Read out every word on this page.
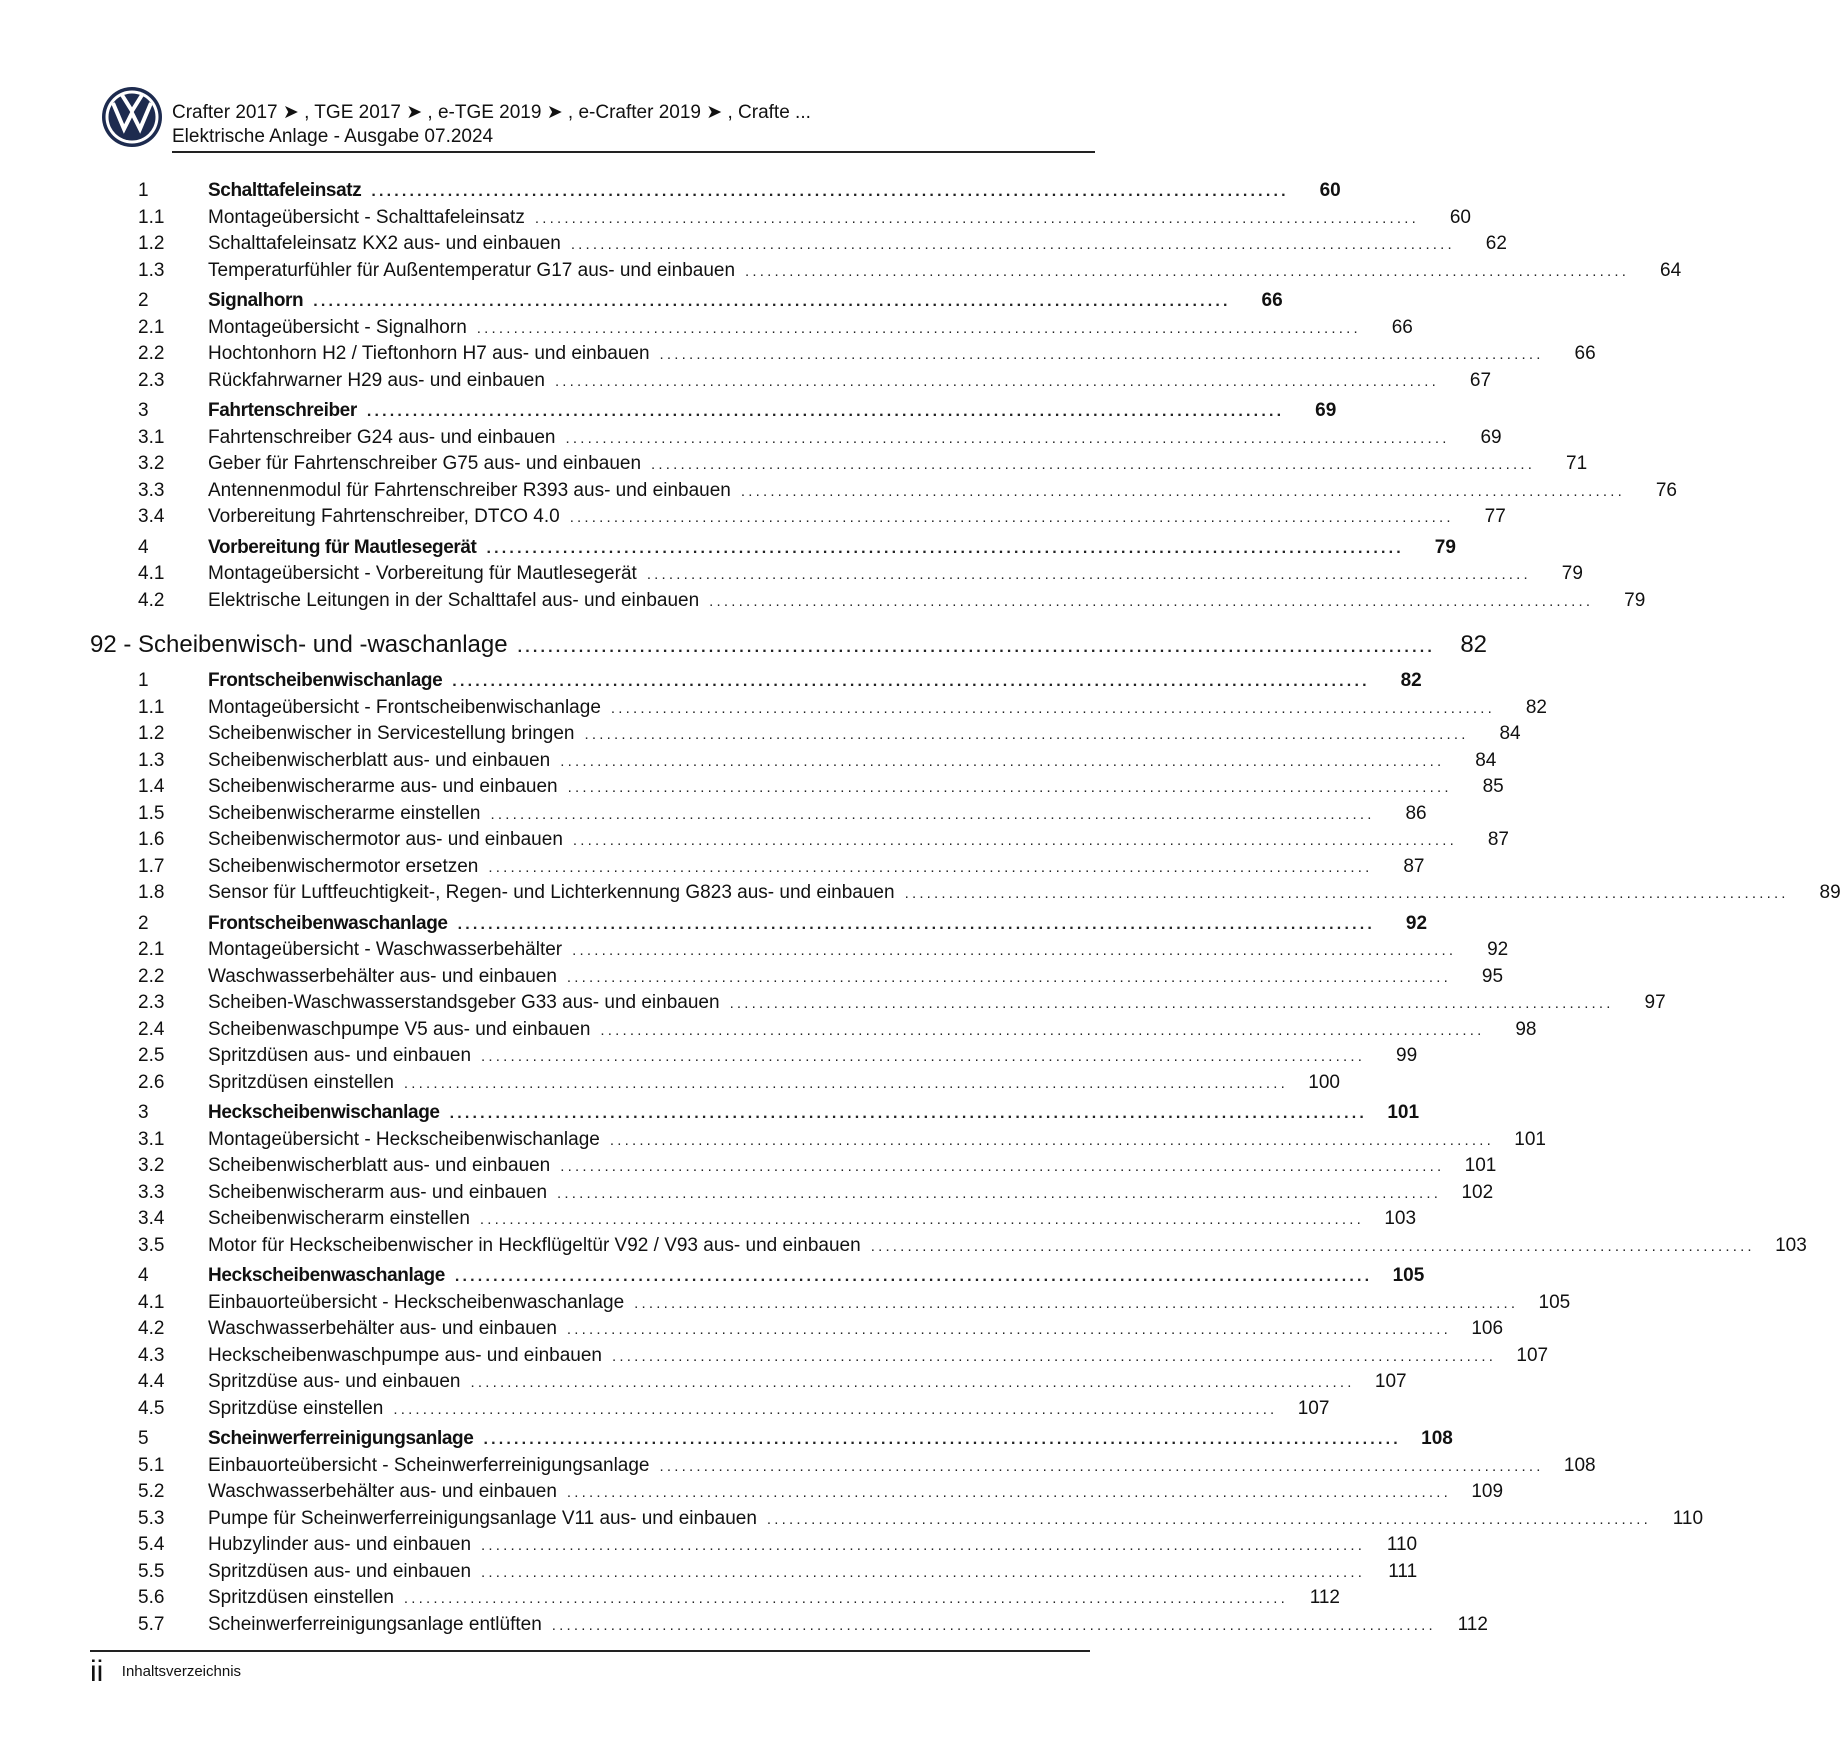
Crafter 2017 ➤ , TGE 2017 ➤ , e-TGE 2019 ➤ , e-Crafter 2019 ➤ , Crafte ...
Elektrische Anlage - Ausgabe 07.2024
1	Schalttafeleinsatz ........................................................................................................................	60
1.1	Montageübersicht - Schalttafeleinsatz ........................................................................................................................	60
1.2	Schalttafeleinsatz KX2 aus- und einbauen ........................................................................................................................	62
1.3	Temperaturfühler für Außentemperatur G17 aus- und einbauen ........................................................................................................................	64
2	Signalhorn ........................................................................................................................	66
2.1	Montageübersicht - Signalhorn ........................................................................................................................	66
2.2	Hochtonhorn H2 / Tieftonhorn H7 aus- und einbauen ........................................................................................................................	66
2.3	Rückfahrwarner H29 aus- und einbauen ........................................................................................................................	67
3	Fahrtenschreiber ........................................................................................................................	69
3.1	Fahrtenschreiber G24 aus- und einbauen ........................................................................................................................	69
3.2	Geber für Fahrtenschreiber G75 aus- und einbauen ........................................................................................................................	71
3.3	Antennenmodul für Fahrtenschreiber R393 aus- und einbauen ........................................................................................................................	76
3.4	Vorbereitung Fahrtenschreiber, DTCO 4.0 ........................................................................................................................	77
4	Vorbereitung für Mautlesegerät ........................................................................................................................	79
4.1	Montageübersicht - Vorbereitung für Mautlesegerät ........................................................................................................................	79
4.2	Elektrische Leitungen in der Schalttafel aus- und einbauen ........................................................................................................................	79
92 - Scheibenwisch- und -waschanlage ........................................................................................................................	82
1	Frontscheibenwischanlage ........................................................................................................................	82
1.1	Montageübersicht - Frontscheibenwischanlage ........................................................................................................................	82
1.2	Scheibenwischer in Servicestellung bringen ........................................................................................................................	84
1.3	Scheibenwischerblatt aus- und einbauen ........................................................................................................................	84
1.4	Scheibenwischerarme aus- und einbauen ........................................................................................................................	85
1.5	Scheibenwischerarme einstellen ........................................................................................................................	86
1.6	Scheibenwischermotor aus- und einbauen ........................................................................................................................	87
1.7	Scheibenwischermotor ersetzen ........................................................................................................................	87
1.8	Sensor für Luftfeuchtigkeit-, Regen- und Lichterkennung G823 aus- und einbauen ........................................................................................................................	89
2	Frontscheibenwaschanlage ........................................................................................................................	92
2.1	Montageübersicht - Waschwasserbehälter ........................................................................................................................	92
2.2	Waschwasserbehälter aus- und einbauen ........................................................................................................................	95
2.3	Scheiben-Waschwasserstandsgeber G33 aus- und einbauen ........................................................................................................................	97
2.4	Scheibenwaschpumpe V5 aus- und einbauen ........................................................................................................................	98
2.5	Spritzdüsen aus- und einbauen ........................................................................................................................	99
2.6	Spritzdüsen einstellen ........................................................................................................................	100
3	Heckscheibenwischanlage ........................................................................................................................	101
3.1	Montageübersicht - Heckscheibenwischanlage ........................................................................................................................	101
3.2	Scheibenwischerblatt aus- und einbauen ........................................................................................................................	101
3.3	Scheibenwischerarm aus- und einbauen ........................................................................................................................	102
3.4	Scheibenwischerarm einstellen ........................................................................................................................	103
3.5	Motor für Heckscheibenwischer in Heckflügeltür V92 / V93 aus- und einbauen ........................................................................................................................	103
4	Heckscheibenwaschanlage ........................................................................................................................	105
4.1	Einbauorteübersicht - Heckscheibenwaschanlage ........................................................................................................................	105
4.2	Waschwasserbehälter aus- und einbauen ........................................................................................................................	106
4.3	Heckscheibenwaschpumpe aus- und einbauen ........................................................................................................................	107
4.4	Spritzdüse aus- und einbauen ........................................................................................................................	107
4.5	Spritzdüse einstellen ........................................................................................................................	107
5	Scheinwerferreinigungsanlage ........................................................................................................................	108
5.1	Einbauorteübersicht - Scheinwerferreinigungsanlage ........................................................................................................................	108
5.2	Waschwasserbehälter aus- und einbauen ........................................................................................................................	109
5.3	Pumpe für Scheinwerferreinigungsanlage V11 aus- und einbauen ........................................................................................................................	110
5.4	Hubzylinder aus- und einbauen ........................................................................................................................	110
5.5	Spritzdüsen aus- und einbauen ........................................................................................................................	111
5.6	Spritzdüsen einstellen ........................................................................................................................	112
5.7	Scheinwerferreinigungsanlage entlüften ........................................................................................................................	112
ii Inhaltsverzeichnis
